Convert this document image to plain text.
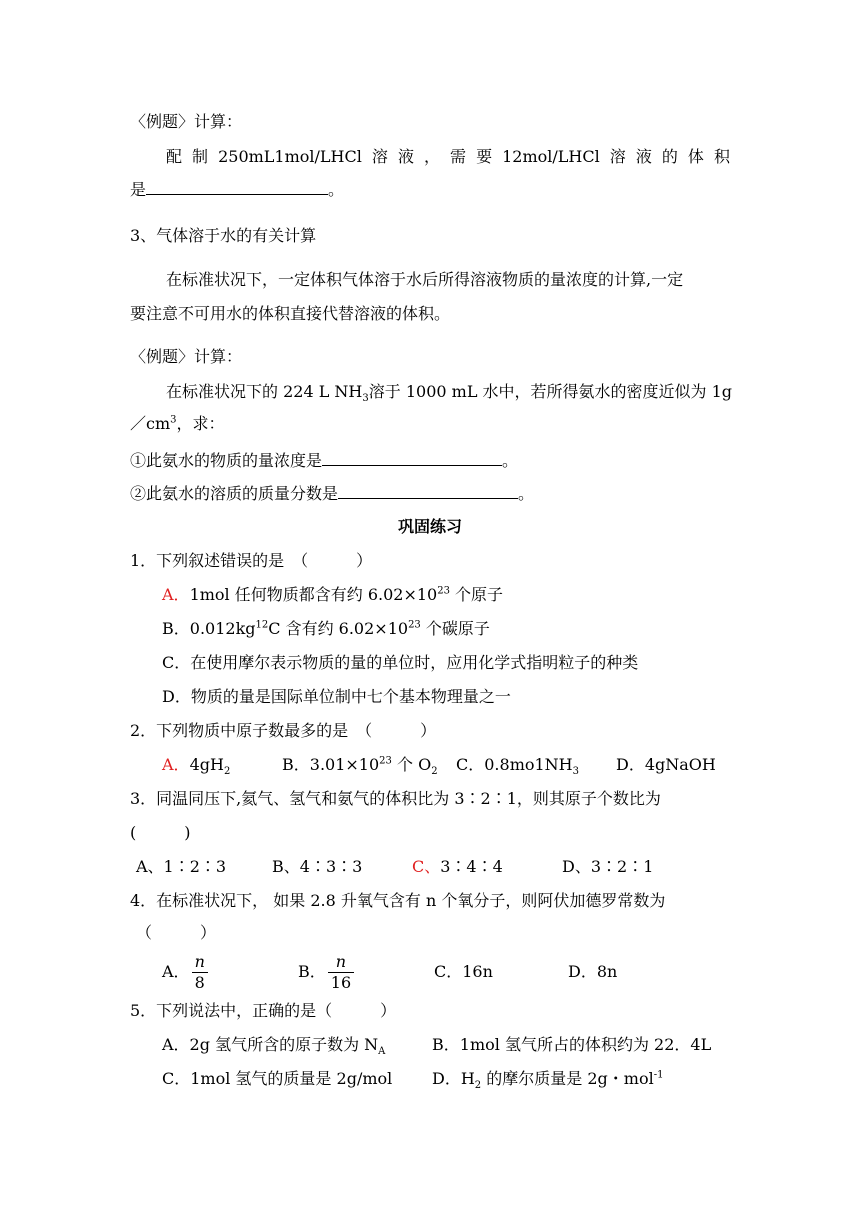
〈例题〉计算：
配 制 250mL1mol/LHCl 溶 液 ， 需 要 12mol/LHCl 溶 液 的 体 积
是	。
3、气体溶于水的有关计算
在标准状况下，一定体积气体溶于水后所得溶液物质的量浓度的计算,一定
要注意不可用水的体积直接代替溶液的体积。
〈例题〉计算：
在标准状况下的 224 L $NH_3$溶于 1000 mL 水中，若所得氨水的密度近似为 1g
$/cm^3$，求：
①此氨水的物质的量浓度是	。
②此氨水的溶质的质量分数是	。
巩固练习
1．下列叙述错误的是　（　　　）
A．1mol 任何物质都含有约 $6.02\times 10^{23}$ 个原子
B．$0.012kg^{12}C$ 含有约 $6.02\times 10^{23}$ 个碳原子
C．在使用摩尔表示物质的量的单位时，应用化学式指明粒子的种类
D．物质的量是国际单位制中七个基本物理量之一
2．下列物质中原子数最多的是　（　　　）
A．$4gH_2$	B．$3.01\times 10^{23}$ 个 $O_2$ C．$0.8mo1NH_3$ D．4gNaOH
3．同温同压下,氦气、氢气和氨气的体积比为 3∶2∶1，则其原子个数比为
(　　　)
A、1∶2∶3	B、4∶3∶3	C、3∶4∶4	D、3∶2∶1
4．在标准状况下， 如果 2.8 升氧气含有 n 个氧分子，则阿伏加德罗常数为
（　　　）
A． $\frac{n}{8}$	B． $\frac{n}{16}$	C．16n	D．8n
5．下列说法中，正确的是（　　　）
A．2g 氢气所含的原子数为 $N_A$	B．1mol 氢气所占的体积约为 22．4L
C．1mol 氢气的质量是 2g/mol D．$H_2$ 的摩尔质量是 2g・mol$^{-1}$
